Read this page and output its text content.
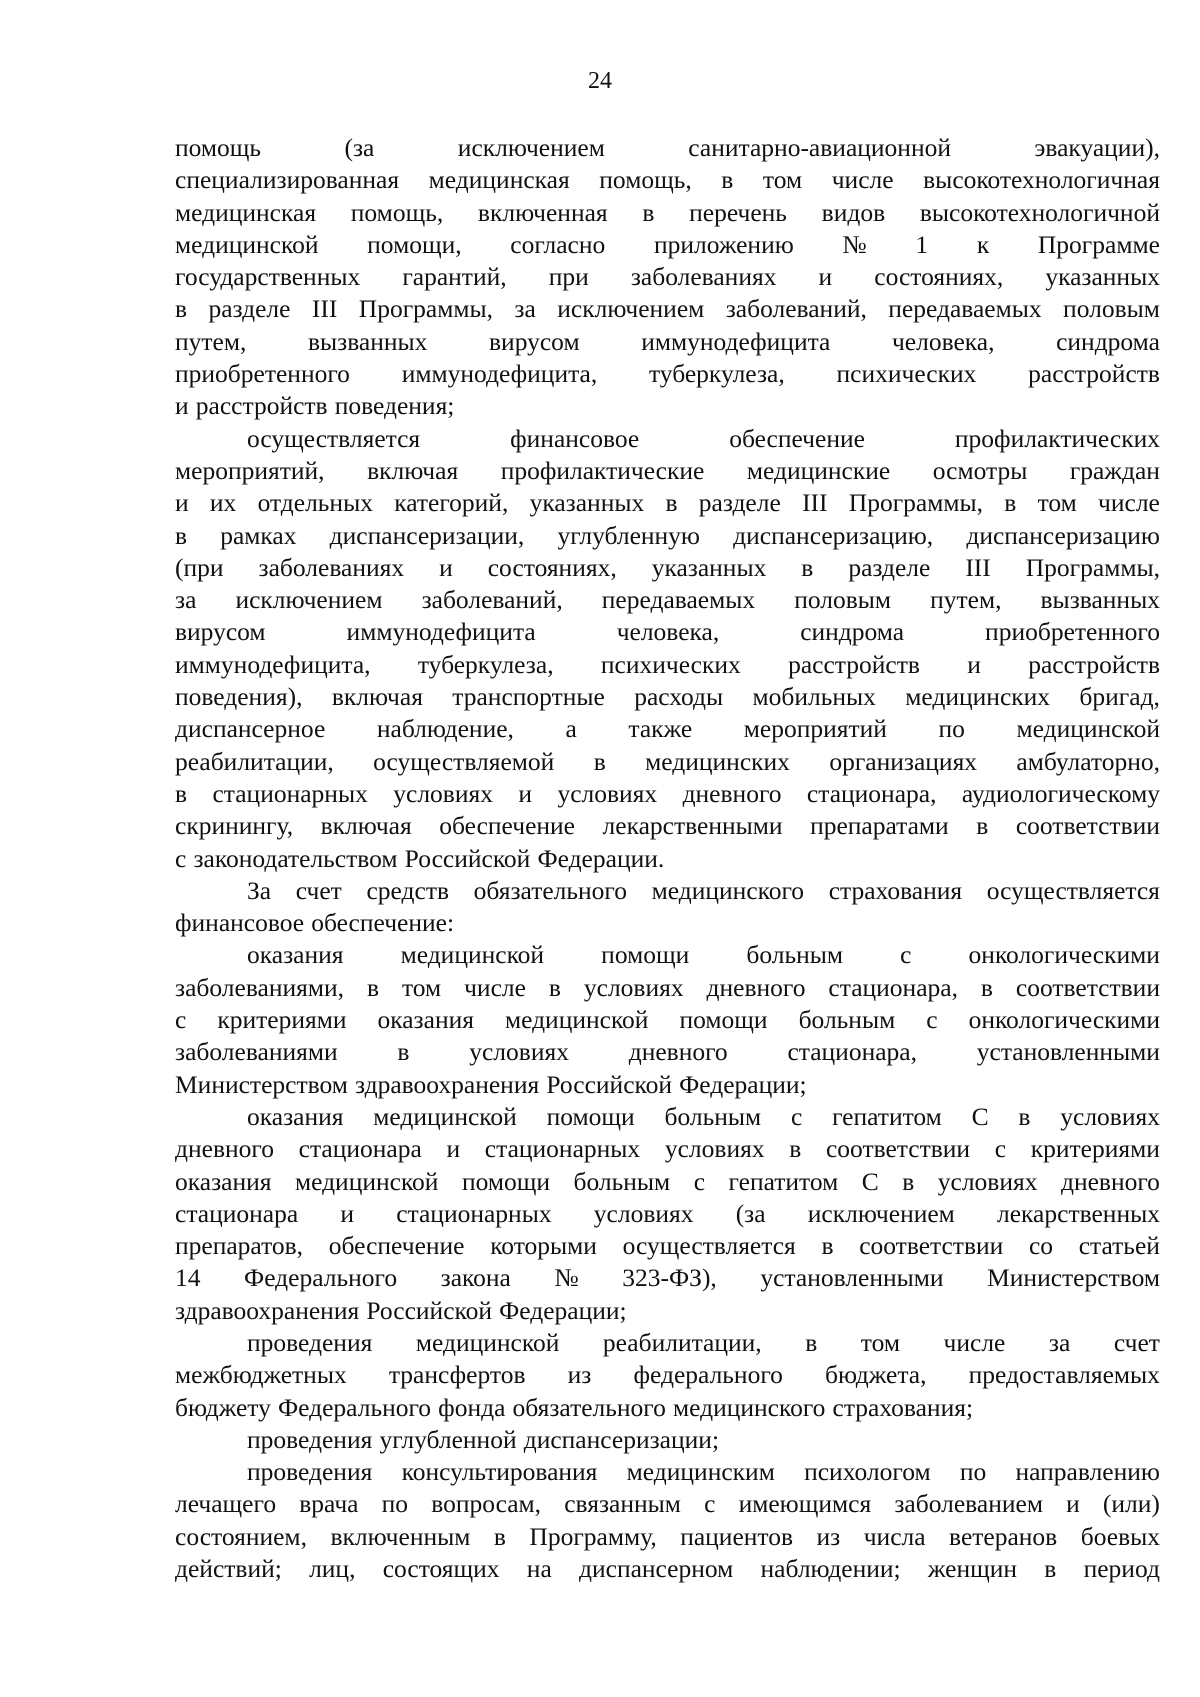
24
помощь	(за	исключением	санитарно-авиационной	эвакуации),
специализированная медицинская помощь, в том числе высокотехнологичная
медицинская помощь, включенная в перечень видов высокотехнологичной
медицинской помощи, согласно приложению № 1 к Программе
государственных гарантий, при заболеваниях и состояниях, указанных
в разделе III Программы, за исключением заболеваний, передаваемых половым
путем, вызванных вирусом иммунодефицита человека, синдрома
приобретенного иммунодефицита, туберкулеза, психических расстройств
и расстройств поведения;
осуществляется	финансовое	обеспечение	профилактических
мероприятий, включая профилактические медицинские осмотры граждан
и их отдельных категорий, указанных в разделе III Программы, в том числе
в рамках диспансеризации, углубленную диспансеризацию, диспансеризацию
(при заболеваниях и состояниях, указанных в разделе III Программы,
за исключением заболеваний, передаваемых половым путем, вызванных
вирусом	иммунодефицита	человека,	синдрома	приобретенного
иммунодефицита, туберкулеза, психических расстройств и расстройств
поведения), включая транспортные расходы мобильных медицинских бригад,
диспансерное наблюдение, а также мероприятий по медицинской
реабилитации, осуществляемой в медицинских организациях амбулаторно,
в стационарных условиях и условиях дневного стационара, аудиологическому
скринингу, включая обеспечение лекарственными препаратами в соответствии
с законодательством Российской Федерации.
За счет средств обязательного медицинского страхования осуществляется
финансовое обеспечение:
оказания медицинской помощи больным с онкологическими
заболеваниями, в том числе в условиях дневного стационара, в соответствии
с критериями оказания медицинской помощи больным с онкологическими
заболеваниями в условиях дневного стационара, установленными
Министерством здравоохранения Российской Федерации;
оказания медицинской помощи больным с гепатитом С в условиях
дневного стационара и стационарных условиях в соответствии с критериями
оказания медицинской помощи больным с гепатитом С в условиях дневного
стационара и стационарных условиях (за исключением лекарственных
препаратов, обеспечение которыми осуществляется в соответствии со статьей
14 Федерального закона № 323-ФЗ), установленными Министерством
здравоохранения Российской Федерации;
проведения медицинской реабилитации, в том числе за счет
межбюджетных трансфертов из федерального бюджета, предоставляемых
бюджету Федерального фонда обязательного медицинского страхования;
проведения углубленной диспансеризации;
проведения консультирования медицинским психологом по направлению
лечащего врача по вопросам, связанным с имеющимся заболеванием и (или)
состоянием, включенным в Программу, пациентов из числа ветеранов боевых
действий; лиц, состоящих на диспансерном наблюдении; женщин в период
